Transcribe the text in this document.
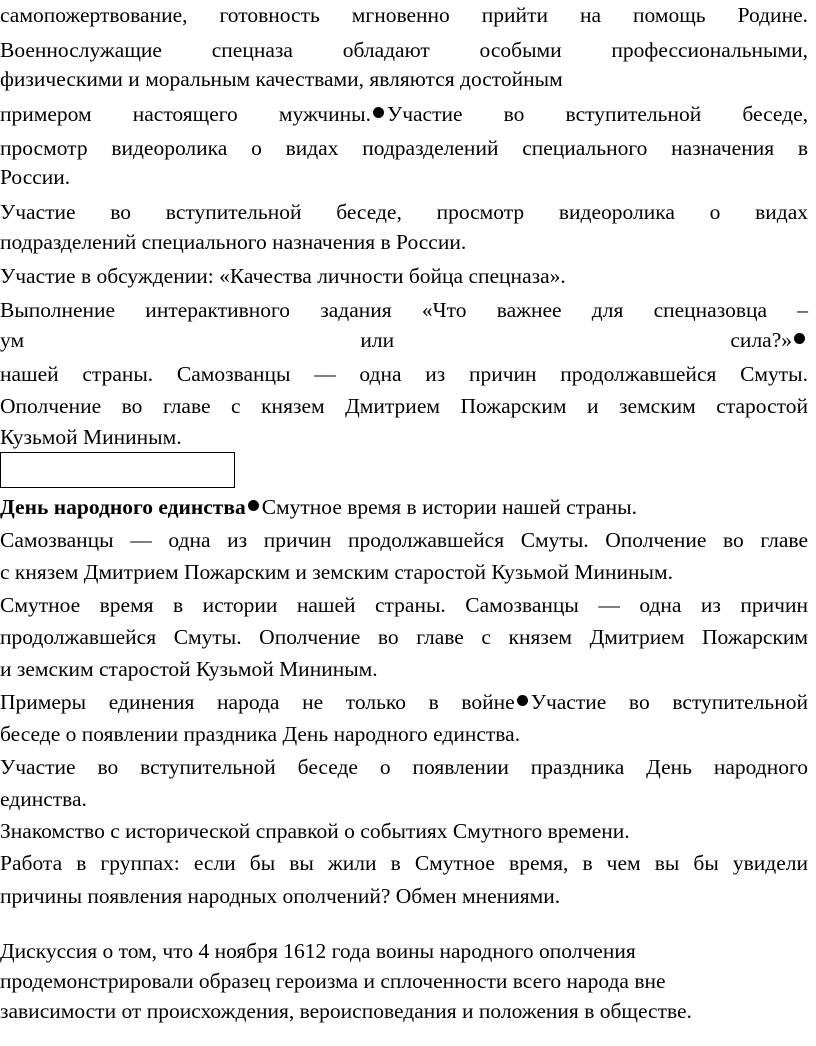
самопожертвование, готовность мгновенно прийти на помощь Родине.
Военнослужащие спецназа обладают особыми профессиональными,
физическими и моральным качествами, являются достойным
примером настоящего мужчины. Участие во вступительной беседе,
просмотр видеоролика о видах подразделений специального назначения в
России.
Участие во вступительной беседе, просмотр видеоролика о видах
подразделений специального назначения в России.
Участие в обсуждении: «Качества личности бойца спецназа».
Выполнение интерактивного задания «Что важнее для спецназовца –
ум	или	сила?»
нашей страны. Самозванцы — одна из причин продолжавшейся Смуты.
Ополчение во главе с князем Дмитрием Пожарским и земским старостой
Кузьмой Мининым.
День народного единства Смутное время в истории нашей страны.
Самозванцы — одна из причин продолжавшейся Смуты. Ополчение во главе
с князем Дмитрием Пожарским и земским старостой Кузьмой Мининым.
Смутное время в истории нашей страны. Самозванцы — одна из причин
продолжавшейся Смуты. Ополчение во главе с князем Дмитрием Пожарским
и земским старостой Кузьмой Мининым.
Примеры единения народа не только в войне Участие во вступительной
беседе о появлении праздника День народного единства.
Участие во вступительной беседе о появлении праздника День народного
единства.
Знакомство с исторической справкой о событиях Смутного времени.
Работа в группах: если бы вы жили в Смутное время, в чем вы бы увидели
причины появления народных ополчений? Обмен мнениями.
Дискуссия о том, что 4 ноября 1612 года воины народного ополчения
продемонстрировали образец героизма и сплоченности всего народа вне
зависимости от происхождения, вероисповедания и положения в обществе.
